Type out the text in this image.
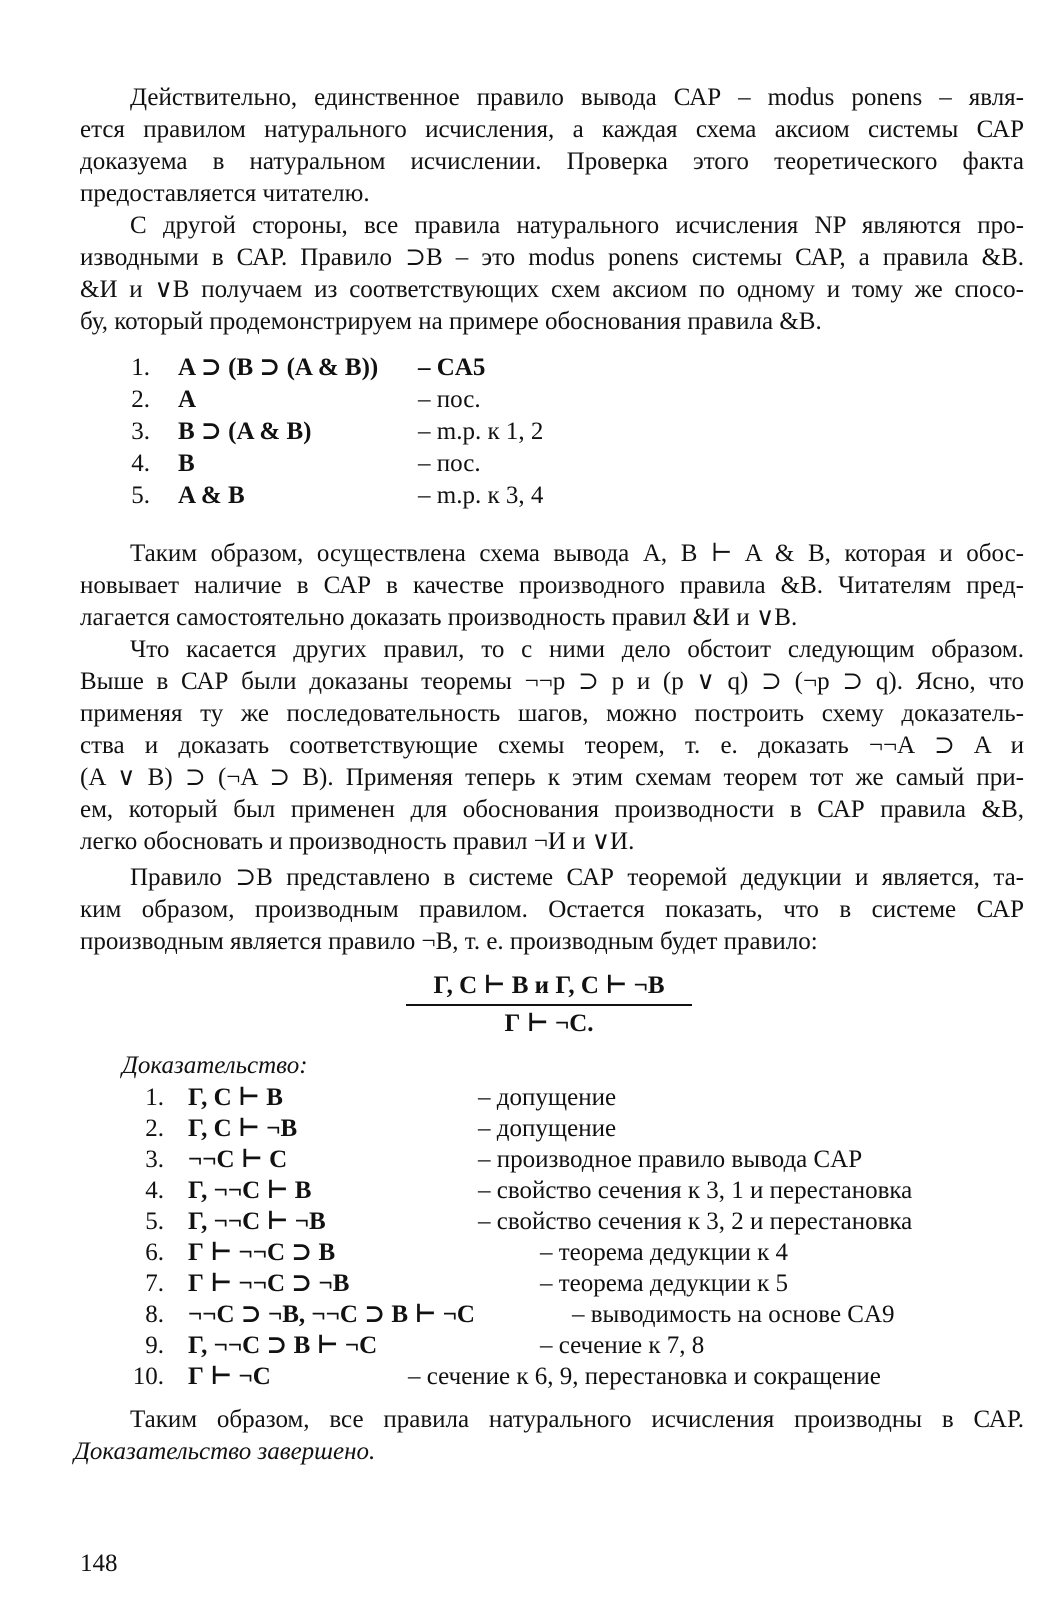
Действительно, единственное правило вывода САР – modus ponens – явля-
ется правилом натурального исчисления, а каждая схема аксиом системы САР
доказуема в натуральном исчислении. Проверка этого теоретического факта
предоставляется читателю.
С другой стороны, все правила натурального исчисления NP являются про-
изводными в САР. Правило ⊃В – это modus ponens системы САР, а правила &В.
&И и ∨В получаем из соответствующих схем аксиом по одному и тому же спосо-
бу, который продемонстрируем на примере обоснования правила &В.
1. A ⊃ (B ⊃ (A & B)) – CA5
2. A	– пос.
3. B ⊃ (A & B)	– m.p. к 1, 2
4. B	– пос.
5. A & B	– m.p. к 3, 4
Таким образом, осуществлена схема вывода A, B ⊢ A & B, которая и обос-
новывает наличие в САР в качестве производного правила &В. Читателям пред-
лагается самостоятельно доказать производность правил &И и ∨В.
Что касается других правил, то с ними дело обстоит следующим образом.
Выше в САР были доказаны теоремы ¬¬p ⊃ p и (p ∨ q) ⊃ (¬p ⊃ q). Ясно, что
применяя ту же последовательность шагов, можно построить схему доказатель-
ства и доказать соответствующие схемы теорем, т. е. доказать ¬¬A ⊃ A и
(A ∨ B) ⊃ (¬A ⊃ B). Применяя теперь к этим схемам теорем тот же самый при-
ем, который был применен для обоснования производности в САР правила &В,
легко обосновать и производность правил ¬И и ∨И.
Правило ⊃В представлено в системе САР теоремой дедукции и является, та-
ким образом, производным правилом. Остается показать, что в системе САР
производным является правило ¬В, т. е. производным будет правило:
Г, C ⊢ B и Г, C ⊢ ¬B
Г ⊢ ¬C.
Доказательство:
1. Г, C ⊢ B	– допущение
2. Г, C ⊢ ¬B	– допущение
3. ¬¬C ⊢ C	– производное правило вывода CAP
4. Г, ¬¬C ⊢ B	– свойство сечения к 3, 1 и перестановка
5. Г, ¬¬C ⊢ ¬B	– свойство сечения к 3, 2 и перестановка
6. Г ⊢ ¬¬C ⊃ B	– теорема дедукции к 4
7. Г ⊢ ¬¬C ⊃ ¬B	– теорема дедукции к 5
8. ¬¬C ⊃ ¬B, ¬¬C ⊃ B ⊢ ¬C	– выводимость на основе CA9
9. Г, ¬¬C ⊃ B ⊢ ¬C	– сечение к 7, 8
10. Г ⊢ ¬C	– сечение к 6, 9, перестановка и сокращение
Таким образом, все правила натурального исчисления производны в САР.
Доказательство завершено.
148
